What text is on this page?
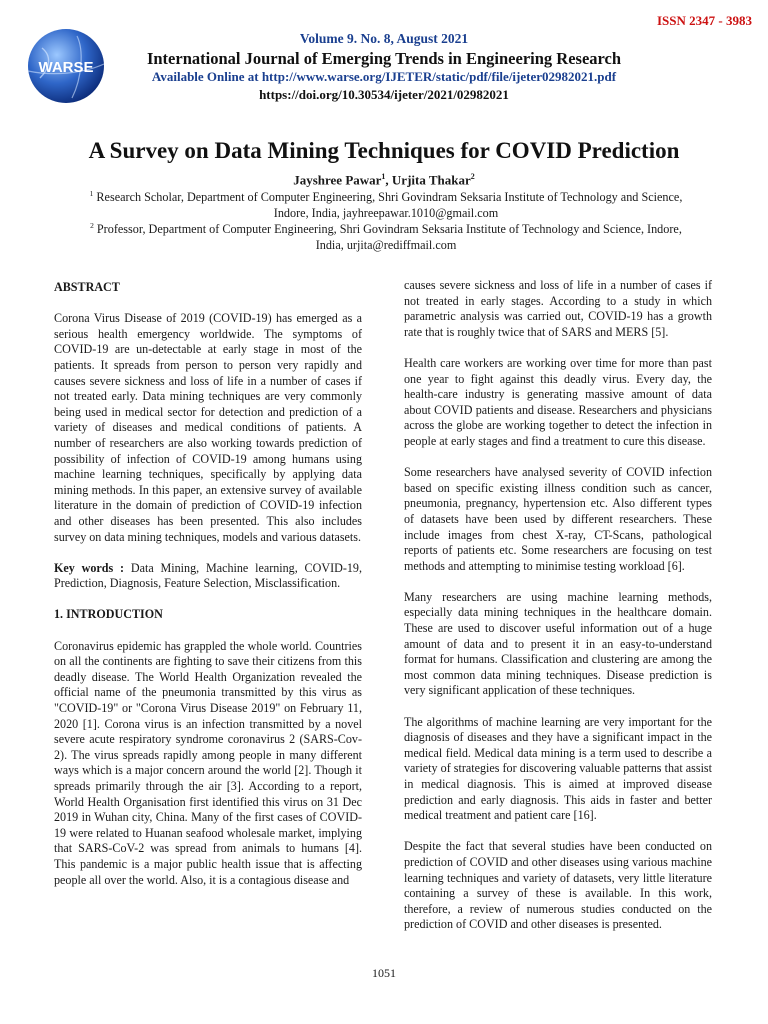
WARSE
ISSN 2347 - 3983
Volume 9. No. 8, August 2021
International Journal of Emerging Trends in Engineering Research
Available Online at http://www.warse.org/IJETER/static/pdf/file/ijeter02982021.pdf
https://doi.org/10.30534/ijeter/2021/02982021
A Survey on Data Mining Techniques for COVID Prediction
Jayshree Pawar$^1$, Urjita Thakar$^2$
$^1$ Research Scholar, Department of Computer Engineering, Shri Govindram Seksaria Institute of Technology and Science, Indore, India, jayhreepawar.1010@gmail.com
$^2$ Professor, Department of Computer Engineering, Shri Govindram Seksaria Institute of Technology and Science, Indore, India, urjita@rediffmail.com
ABSTRACT

Corona Virus Disease of 2019 (COVID-19) has emerged as a serious health emergency worldwide. The symptoms of COVID-19 are un-detectable at early stage in most of the patients. It spreads from person to person very rapidly and causes severe sickness and loss of life in a number of cases if not treated early. Data mining techniques are very commonly being used in medical sector for detection and prediction of a variety of diseases and medical conditions of patients. A number of researchers are also working towards prediction of possibility of infection of COVID-19 among humans using machine learning techniques, specifically by applying data mining methods. In this paper, an extensive survey of available literature in the domain of prediction of COVID-19 infection and other diseases has been presented. This also includes survey on data mining techniques, models and various datasets.

Key words : Data Mining, Machine learning, COVID-19, Prediction, Diagnosis, Feature Selection, Misclassification.

1. INTRODUCTION

Coronavirus epidemic has grappled the whole world. Countries on all the continents are fighting to save their citizens from this deadly disease. The World Health Organization revealed the official name of the pneumonia transmitted by this virus as "COVID-19" or "Corona Virus Disease 2019" on February 11, 2020 [1]. Corona virus is an infection transmitted by a novel severe acute respiratory syndrome coronavirus 2 (SARS-Cov-2). The virus spreads rapidly among people in many different ways which is a major concern around the world [2]. Though it spreads primarily through the air [3]. According to a report, World Health Organisation first identified this virus on 31 Dec 2019 in Wuhan city, China. Many of the first cases of COVID-19 were related to Huanan seafood wholesale market, implying that SARS-CoV-2 was spread from animals to humans [4]. This pandemic is a major public health issue that is affecting people all over the world. Also, it is a contagious disease and

causes severe sickness and loss of life in a number of cases if not treated in early stages. According to a study in which parametric analysis was carried out, COVID-19 has a growth rate that is roughly twice that of SARS and MERS [5].

Health care workers are working over time for more than past one year to fight against this deadly virus. Every day, the health-care industry is generating massive amount of data about COVID patients and disease. Researchers and physicians across the globe are working together to detect the infection in people at early stages and find a treatment to cure this disease.

Some researchers have analysed severity of COVID infection based on specific existing illness condition such as cancer, pneumonia, pregnancy, hypertension etc. Also different types of datasets have been used by different researchers. These include images from chest X-ray, CT-Scans, pathological reports of patients etc. Some researchers are focusing on test methods and attempting to minimise testing workload [6].

Many researchers are using machine learning methods, especially data mining techniques in the healthcare domain. These are used to discover useful information out of a huge amount of data and to present it in an easy-to-understand format for humans. Classification and clustering are among the most common data mining techniques. Disease prediction is very significant application of these techniques.

The algorithms of machine learning are very important for the diagnosis of diseases and they have a significant impact in the medical field. Medical data mining is a term used to describe a variety of strategies for discovering valuable patterns that assist in medical diagnosis. This is aimed at improved disease prediction and early diagnosis. This aids in faster and better medical treatment and patient care [16].

Despite the fact that several studies have been conducted on prediction of COVID and other diseases using various machine learning techniques and variety of datasets, very little literature containing a survey of these is available. In this work, therefore, a review of numerous studies conducted on the prediction of COVID and other diseases is presented.

1051
